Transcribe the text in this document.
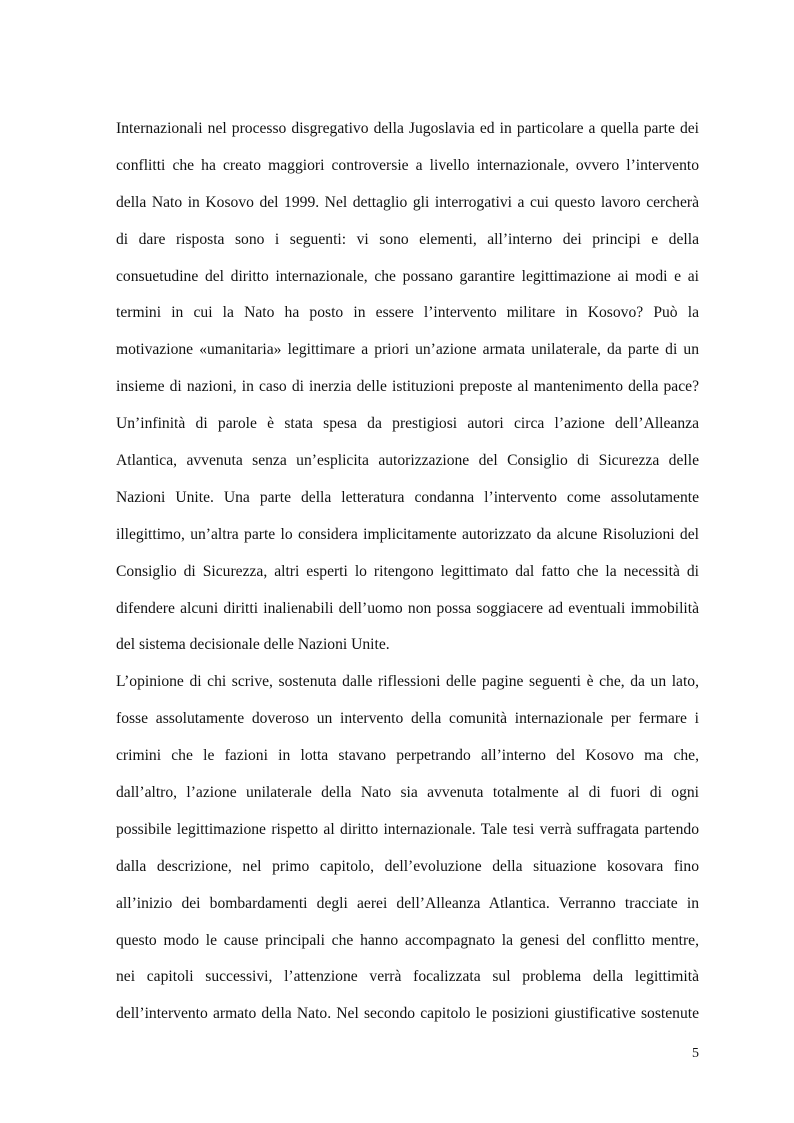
Internazionali nel processo disgregativo della Jugoslavia ed in particolare a quella parte dei
conflitti che ha creato maggiori controversie a livello internazionale, ovvero l’intervento
della Nato in Kosovo del 1999. Nel dettaglio gli interrogativi a cui questo lavoro cercherà
di dare risposta sono i seguenti: vi sono elementi, all’interno dei principi e della
consuetudine del diritto internazionale, che possano garantire legittimazione ai modi e ai
termini in cui la Nato ha posto in essere l’intervento militare in Kosovo? Può la
motivazione «umanitaria» legittimare a priori un’azione armata unilaterale, da parte di un
insieme di nazioni, in caso di inerzia delle istituzioni preposte al mantenimento della pace?
Un’infinità di parole è stata spesa da prestigiosi autori circa l’azione dell’Alleanza
Atlantica, avvenuta senza un’esplicita autorizzazione del Consiglio di Sicurezza delle
Nazioni Unite. Una parte della letteratura condanna l’intervento come assolutamente
illegittimo, un’altra parte lo considera implicitamente autorizzato da alcune Risoluzioni del
Consiglio di Sicurezza, altri esperti lo ritengono legittimato dal fatto che la necessità di
difendere alcuni diritti inalienabili dell’uomo non possa soggiacere ad eventuali immobilità
del sistema decisionale delle Nazioni Unite.
L’opinione di chi scrive, sostenuta dalle riflessioni delle pagine seguenti è che, da un lato,
fosse assolutamente doveroso un intervento della comunità internazionale per fermare i
crimini che le fazioni in lotta stavano perpetrando all’interno del Kosovo ma che,
dall’altro, l’azione unilaterale della Nato sia avvenuta totalmente al di fuori di ogni
possibile legittimazione rispetto al diritto internazionale. Tale tesi verrà suffragata partendo
dalla descrizione, nel primo capitolo, dell’evoluzione della situazione kosovara fino
all’inizio dei bombardamenti degli aerei dell’Alleanza Atlantica. Verranno tracciate in
questo modo le cause principali che hanno accompagnato la genesi del conflitto mentre,
nei capitoli successivi, l’attenzione verrà focalizzata sul problema della legittimità
dell’intervento armato della Nato. Nel secondo capitolo le posizioni giustificative sostenute
5
